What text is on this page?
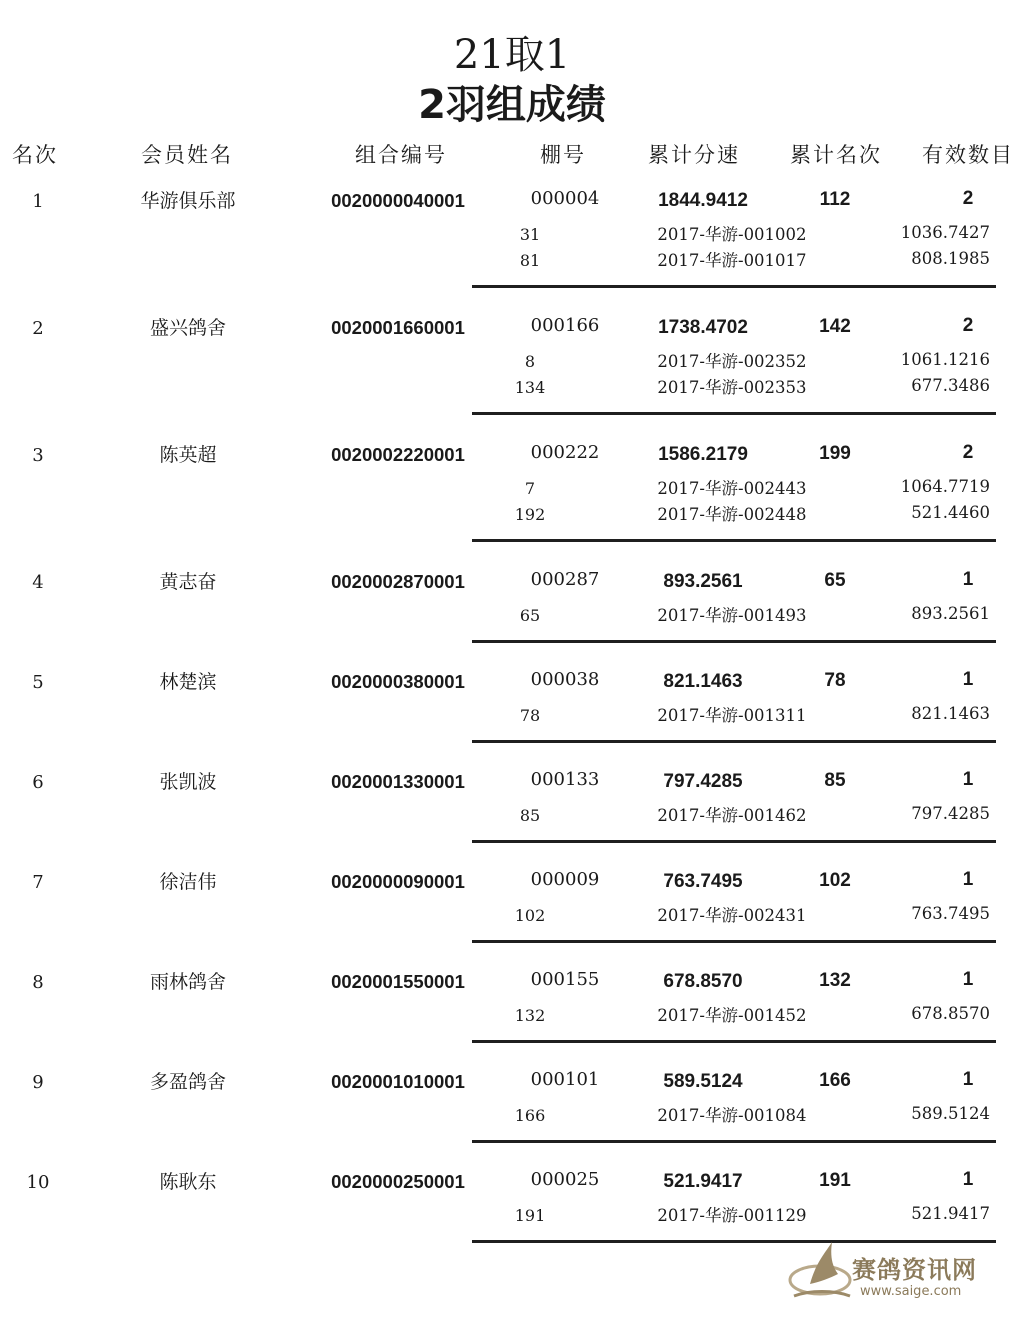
21取1
2羽组成绩
名次	会员姓名	组合编号	棚号	累计分速 累计名次 有效数目
1	华游俱乐部	0020000040001	000004	1844.9412	112	2
31	2017-华游-001002	1036.7427
81	2017-华游-001017	808.1985
2	盛兴鸽舍	0020001660001	000166	1738.4702	142	2
8	2017-华游-002352	1061.1216
134	2017-华游-002353	677.3486
3	陈英超	0020002220001	000222	1586.2179	199	2
7	2017-华游-002443	1064.7719
192	2017-华游-002448	521.4460
4	黄志奋	0020002870001	000287	893.2561	65	1
65	2017-华游-001493	893.2561
5	林楚滨	0020000380001	000038	821.1463	78	1
78	2017-华游-001311	821.1463
6	张凯波	0020001330001	000133	797.4285	85	1
85	2017-华游-001462	797.4285
7	徐洁伟	0020000090001	000009	763.7495	102	1
102	2017-华游-002431	763.7495
8	雨林鸽舍	0020001550001	000155	678.8570	132	1
132	2017-华游-001452	678.8570
9	多盈鸽舍	0020001010001	000101	589.5124	166	1
166	2017-华游-001084	589.5124
10	陈耿东	0020000250001	000025	521.9417	191	1
191	2017-华游-001129	521.9417
赛鸽资讯网
www.saige.com
